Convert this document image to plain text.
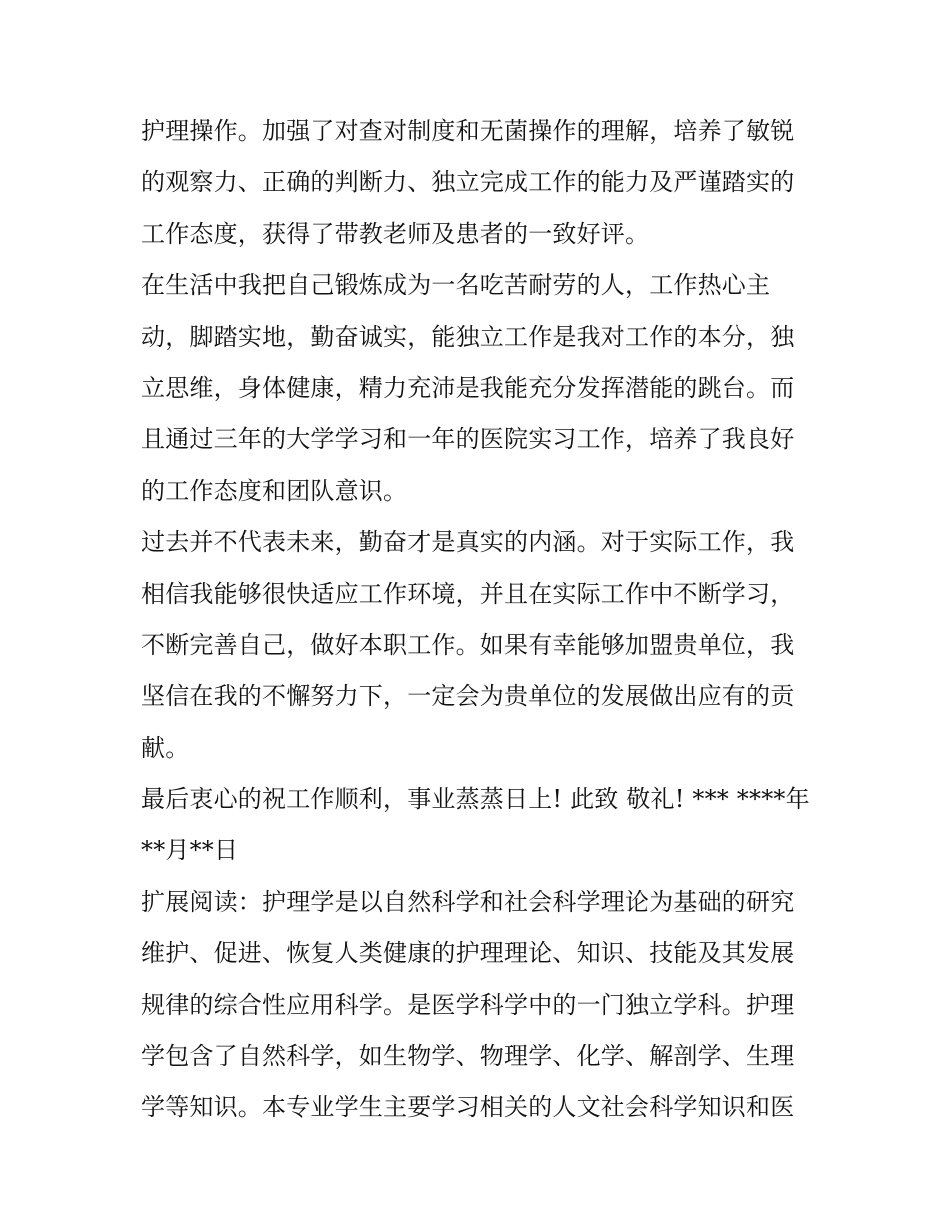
护理操作。加强了对查对制度和无菌操作的理解，培养了敏锐
的观察力、正确的判断力、独立完成工作的能力及严谨踏实的
工作态度，获得了带教老师及患者的一致好评。
在生活中我把自己锻炼成为一名吃苦耐劳的人，工作热心主
动，脚踏实地，勤奋诚实，能独立工作是我对工作的本分，独
立思维，身体健康，精力充沛是我能充分发挥潜能的跳台。而
且通过三年的大学学习和一年的医院实习工作，培养了我良好
的工作态度和团队意识。
过去并不代表未来，勤奋才是真实的内涵。对于实际工作，我
相信我能够很快适应工作环境，并且在实际工作中不断学习，
不断完善自己，做好本职工作。如果有幸能够加盟贵单位，我
坚信在我的不懈努力下，一定会为贵单位的发展做出应有的贡
献。
最后衷心的祝工作顺利，事业蒸蒸日上! 此致 敬礼! *** ****年
**月**日
扩展阅读：护理学是以自然科学和社会科学理论为基础的研究
维护、促进、恢复人类健康的护理理论、知识、技能及其发展
规律的综合性应用科学。是医学科学中的一门独立学科。护理
学包含了自然科学，如生物学、物理学、化学、解剖学、生理
学等知识。本专业学生主要学习相关的人文社会科学知识和医
